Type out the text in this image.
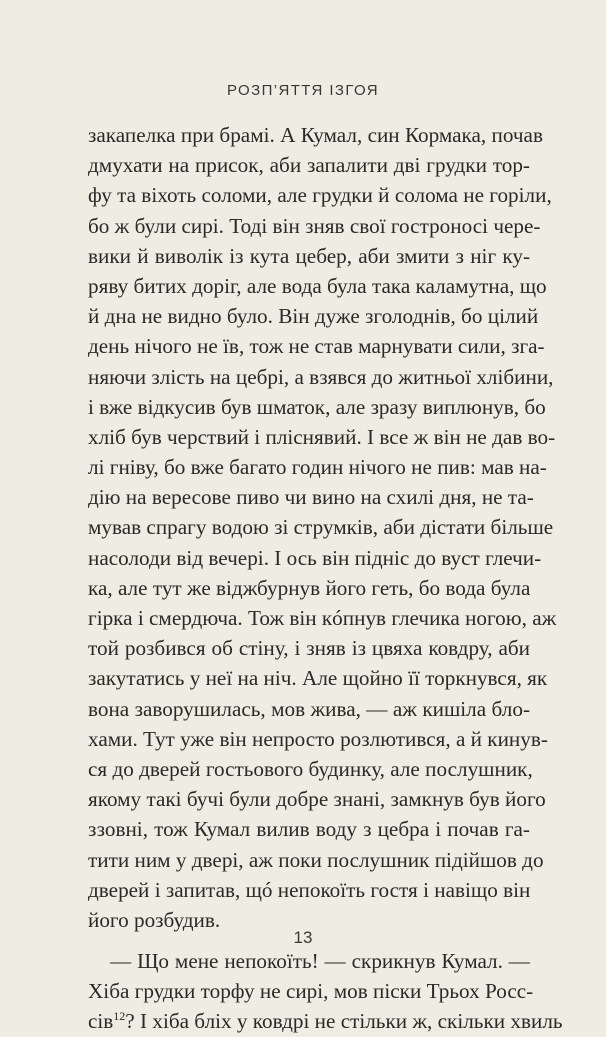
РОЗП’ЯТТЯ ІЗГОЯ
закапелка при брамі. А Кумал, син Кормака, почав
дмухати на присок, аби запалити дві грудки тор-
фу та віхоть соломи, але грудки й солома не горіли,
бо ж були сирі. Тоді він зняв свої гостроносі чере-
вики й виволік із кута цебер, аби змити з ніг ку-
ряву битих доріг, але вода була така каламутна, що
й дна не видно було. Він дуже зголоднів, бо цілий
день нічого не їв, тож не став марнувати сили, зга-
няючи злість на цебрі, а взявся до житньої хлібини,
і вже відкусив був шматок, але зразу виплюнув, бо
хліб був черствий і пліснявий. І все ж він не дав во-
лі гніву, бо вже багато годин нічого не пив: мав на-
дію на вересове пиво чи вино на схилі дня, не та-
мував спрагу водою зі струмків, аби дістати більше
насолоди від вечері. І ось він підніс до вуст глечи-
ка, але тут же віджбурнув його геть, бо вода була
гірка і смердюча. Тож він кóпнув глечика ногою, аж
той розбився об стіну, і зняв із цвяха ковдру, аби
закутатись у неї на ніч. Але щойно її торкнувся, як
вона заворушилась, мов жива, — аж кишіла бло-
хами. Тут уже він непросто розлютився, а й кинув-
ся до дверей гостьового будинку, але послушник,
якому такі бучі були добре знані, замкнув був його
ззовні, тож Кумал вилив воду з цебра і почав га-
тити ним у двері, аж поки послушник підійшов до
дверей і запитав, щó непокоїть гостя і навіщо він
його розбудив.
— Що мене непокоїть! — скрикнув Кумал. —
Хіба грудки торфу не сирі, мов піски Трьох Росс-
сів$^{12}$? І хіба бліх у ковдрі не стільки ж, скільки хвиль
13
